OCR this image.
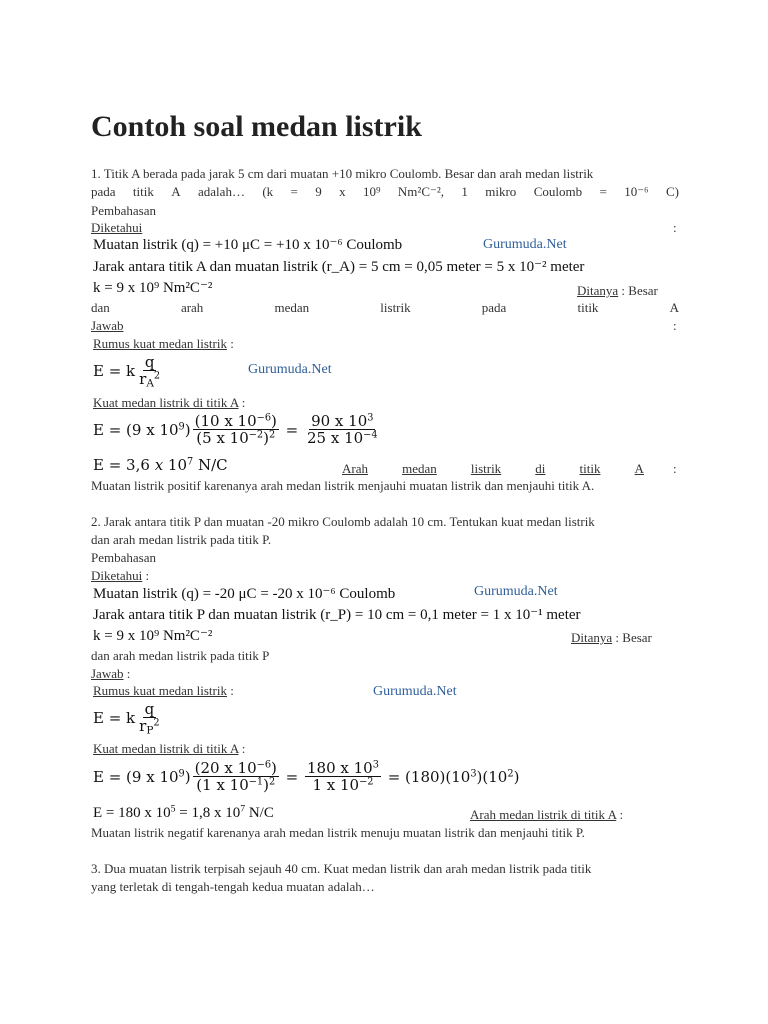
Contoh soal medan listrik
1. Titik A berada pada jarak 5 cm dari muatan +10 mikro Coulomb. Besar dan arah medan listrik
pada titik A adalah… (k = 9 x 10⁹ Nm²C⁻², 1 mikro Coulomb = 10⁻⁶ C)
Pembahasan
Diketahui	:
Muatan listrik (q) = +10 μC = +10 x 10⁻⁶ Coulomb	Gurumuda.Net
Jarak antara titik A dan muatan listrik (r_A) = 5 cm = 0,05 meter = 5 x 10⁻² meter
k = 9 x 10⁹ Nm²C⁻²	Ditanya : Besar
dan	arah	medan	listrik	pada	titik	A
Jawab	:
Rumus kuat medan listrik :
E = k $\frac{q}{r_A^2}$	Gurumuda.Net
Kuat medan listrik di titik A :
E = (9 x $10^9) \frac{(10 x 10^{-6})}{(5 x 10^{-2})^2} = \frac{90 x 10^3}{25 x 10^{-4}}$
E = 3,6 x $10^7$ N/C	Arah	medan	listrik	di	titik	A :
Muatan listrik positif karenanya arah medan listrik menjauhi muatan listrik dan menjauhi titik A.
2. Jarak antara titik P dan muatan -20 mikro Coulomb adalah 10 cm. Tentukan kuat medan listrik
dan arah medan listrik pada titik P.
Pembahasan
Diketahui :
Muatan listrik (q) = -20 μC = -20 x 10⁻⁶ Coulomb	Gurumuda.Net
Jarak antara titik P dan muatan listrik (r_P) = 10 cm = 0,1 meter = 1 x 10⁻¹ meter
k = 9 x 10⁹ Nm²C⁻²	Ditanya : Besar
dan arah medan listrik pada titik P
Jawab :
Rumus kuat medan listrik :	Gurumuda.Net
E = k $\frac{q}{r_P^2}$
Kuat medan listrik di titik A :
E = (9 x $10^9) \frac{(20 x 10^{-6})}{(1 x 10^{-1})^2} = \frac{180 x 10^3}{1 x 10^{-2}} = (180)(10^3)(10^2)$
E = 180 x $10^5 = 1,8$ x $10^7$ N/C	Arah medan listrik di titik A :
Muatan listrik negatif karenanya arah medan listrik menuju muatan listrik dan menjauhi titik P.
3. Dua muatan listrik terpisah sejauh 40 cm. Kuat medan listrik dan arah medan listrik pada titik
yang terletak di tengah-tengah kedua muatan adalah…
